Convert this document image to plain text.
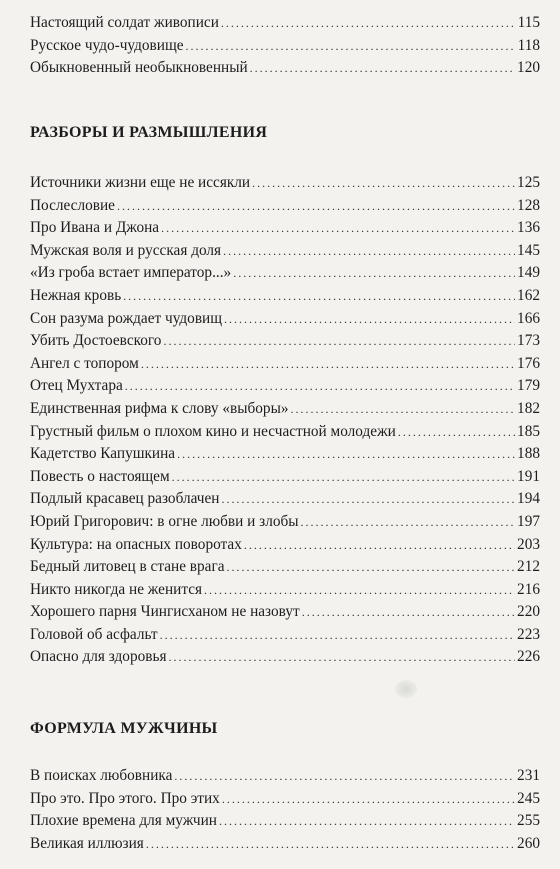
Настоящий солдат живописи . . .	115
Русское чудо-чудовище . . .	118
Обыкновенный необыкновенный . . .	120
РАЗБОРЫ И РАЗМЫШЛЕНИЯ
Источники жизни еще не иссякли . . .	125
Послесловие . . .	128
Про Ивана и Джона . . .	136
Мужская воля и русская доля . . .	145
«Из гроба встает император...» . . .	149
Нежная кровь . . .	162
Сон разума рождает чудовищ . . .	166
Убить Достоевского . . .	173
Ангел с топором . . .	176
Отец Мухтара . . .	179
Единственная рифма к слову «выборы» . . .	182
Грустный фильм о плохом кино и несчастной молодежи . . .	185
Кадетство Капушкина . . .	188
Повесть о настоящем . . .	191
Подлый красавец разоблачен . . .	194
Юрий Григорович: в огне любви и злобы . . .	197
Культура: на опасных поворотах . . .	203
Бедный литовец в стане врага . . .	212
Никто никогда не женится . . .	216
Хорошего парня Чингисханом не назовут . . .	220
Головой об асфальт . . .	223
Опасно для здоровья . . .	226
ФОРМУЛА МУЖЧИНЫ
В поисках любовника . . .	231
Про это. Про этого. Про этих . . .	245
Плохие времена для мужчин . . .	255
Великая иллюзия . . .	260
